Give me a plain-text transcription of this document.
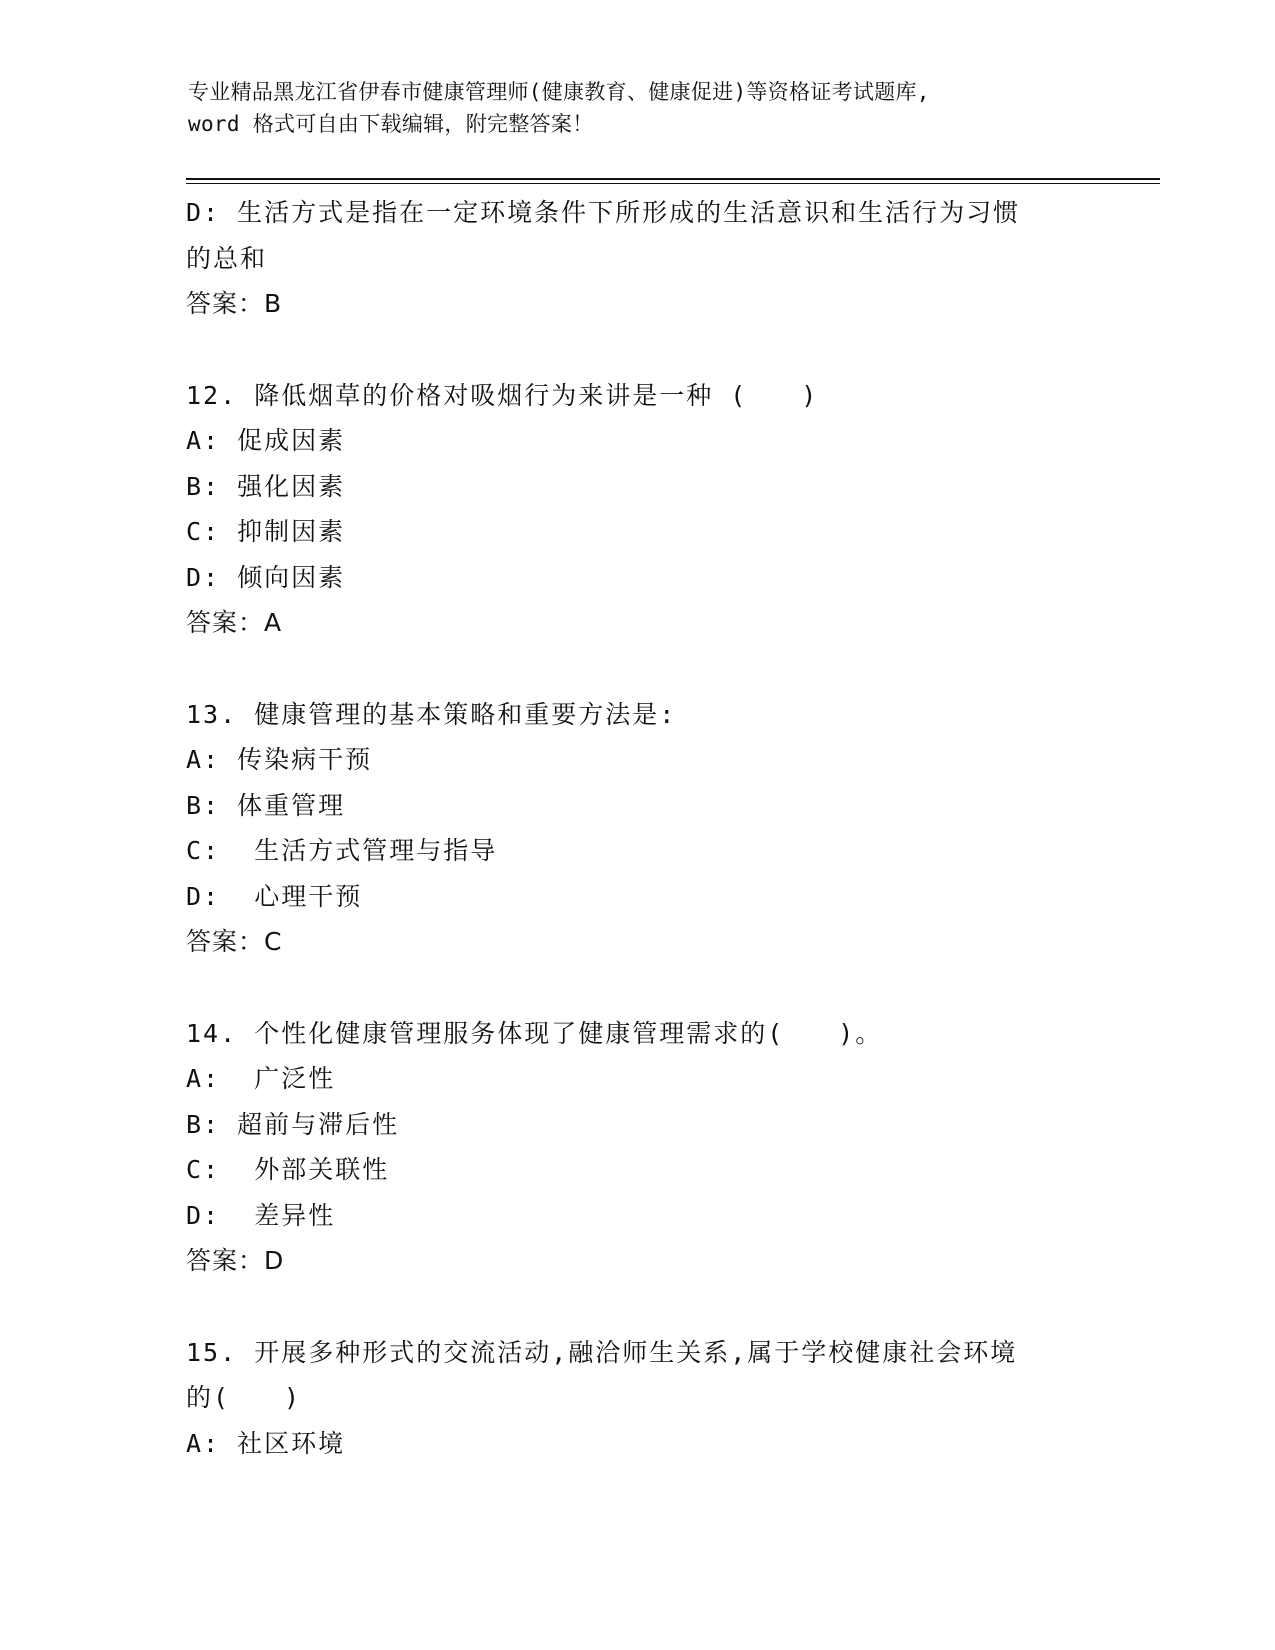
专业精品黑龙江省伊春市健康管理师(健康教育、健康促进)等资格证考试题库,
word 格式可自由下载编辑，附完整答案！

D: 生活方式是指在一定环境条件下所形成的生活意识和生活行为习惯

的总和

答案：B

12. 降低烟草的价格对吸烟行为来讲是一种 (　　)

A: 促成因素

B: 强化因素

C: 抑制因素

D: 倾向因素

答案：A

13. 健康管理的基本策略和重要方法是:

A: 传染病干预

B: 体重管理

C:  生活方式管理与指导

D:  心理干预

答案：C

14. 个性化健康管理服务体现了健康管理需求的(　　)。

A:  广泛性

B: 超前与滞后性

C:  外部关联性

D:  差异性

答案：D

15. 开展多种形式的交流活动,融洽师生关系,属于学校健康社会环境

的(　　)

A: 社区环境
